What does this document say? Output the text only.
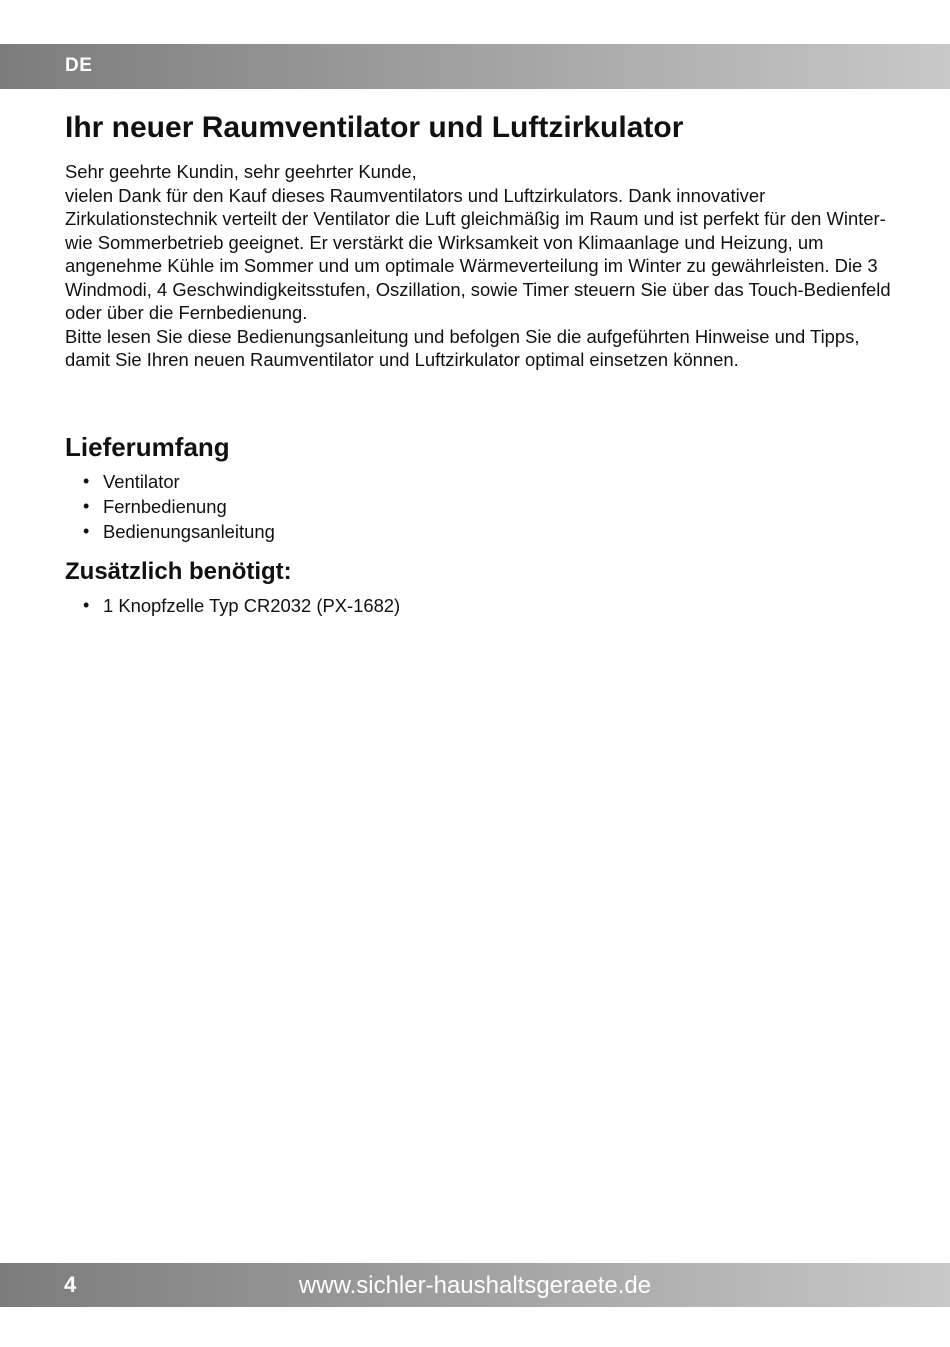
DE
Ihr neuer Raumventilator und Luftzirkulator

Sehr geehrte Kundin, sehr geehrter Kunde,

vielen Dank für den Kauf dieses Raumventilators und Luftzirkulators. Dank innovativer Zirkulationstechnik verteilt der Ventilator die Luft gleichmäßig im Raum und ist perfekt für den Winter- wie Sommerbetrieb geeignet. Er verstärkt die Wirksamkeit von Klimaanlage und Heizung, um angenehme Kühle im Sommer und um optimale Wärmeverteilung im Winter zu gewährleisten. Die 3 Windmodi, 4 Geschwindigkeitsstufen, Oszillation, sowie Timer steuern Sie über das Touch-Bedienfeld oder über die Fernbedienung.

Bitte lesen Sie diese Bedienungsanleitung und befolgen Sie die aufgeführten Hinweise und Tipps, damit Sie Ihren neuen Raumventilator und Luftzirkulator optimal einsetzen können.

Lieferumfang
• Ventilator
• Fernbedienung
• Bedienungsanleitung
Zusätzlich benötigt:
• 1 Knopfzelle Typ CR2032 (PX-1682)
4	www.sichler-haushaltsgeraete.de
